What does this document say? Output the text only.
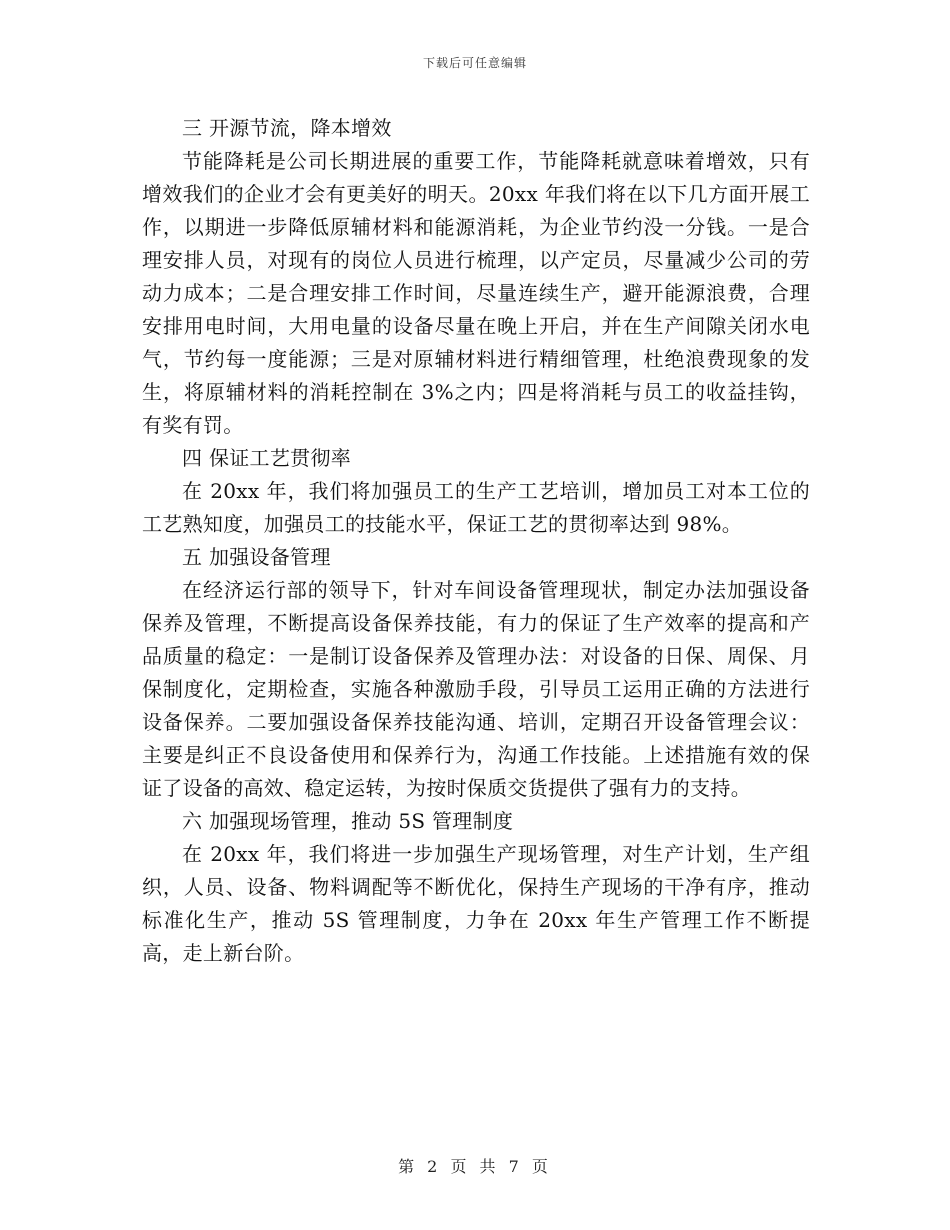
下载后可任意编辑

三 开源节流，降本增效

节能降耗是公司长期进展的重要工作，节能降耗就意味着增效，只有增效我们的企业才会有更美好的明天。20xx 年我们将在以下几方面开展工作，以期进一步降低原辅材料和能源消耗，为企业节约没一分钱。一是合理安排人员，对现有的岗位人员进行梳理，以产定员，尽量减少公司的劳动力成本；二是合理安排工作时间，尽量连续生产，避开能源浪费，合理安排用电时间，大用电量的设备尽量在晚上开启，并在生产间隙关闭水电气，节约每一度能源；三是对原辅材料进行精细管理，杜绝浪费现象的发生，将原辅材料的消耗控制在 3%之内；四是将消耗与员工的收益挂钩，有奖有罚。

四 保证工艺贯彻率

在 20xx 年，我们将加强员工的生产工艺培训，增加员工对本工位的工艺熟知度，加强员工的技能水平，保证工艺的贯彻率达到 98%。

五 加强设备管理

在经济运行部的领导下，针对车间设备管理现状，制定办法加强设备保养及管理，不断提高设备保养技能，有力的保证了生产效率的提高和产品质量的稳定：一是制订设备保养及管理办法：对设备的日保、周保、月保制度化，定期检查，实施各种激励手段，引导员工运用正确的方法进行设备保养。二要加强设备保养技能沟通、培训，定期召开设备管理会议：主要是纠正不良设备使用和保养行为，沟通工作技能。上述措施有效的保证了设备的高效、稳定运转，为按时保质交货提供了强有力的支持。

六 加强现场管理，推动 5S 管理制度

在 20xx 年，我们将进一步加强生产现场管理，对生产计划，生产组织，人员、设备、物料调配等不断优化，保持生产现场的干净有序，推动标准化生产，推动 5S 管理制度，力争在 20xx 年生产管理工作不断提高，走上新台阶。

第 2 页 共 7 页
